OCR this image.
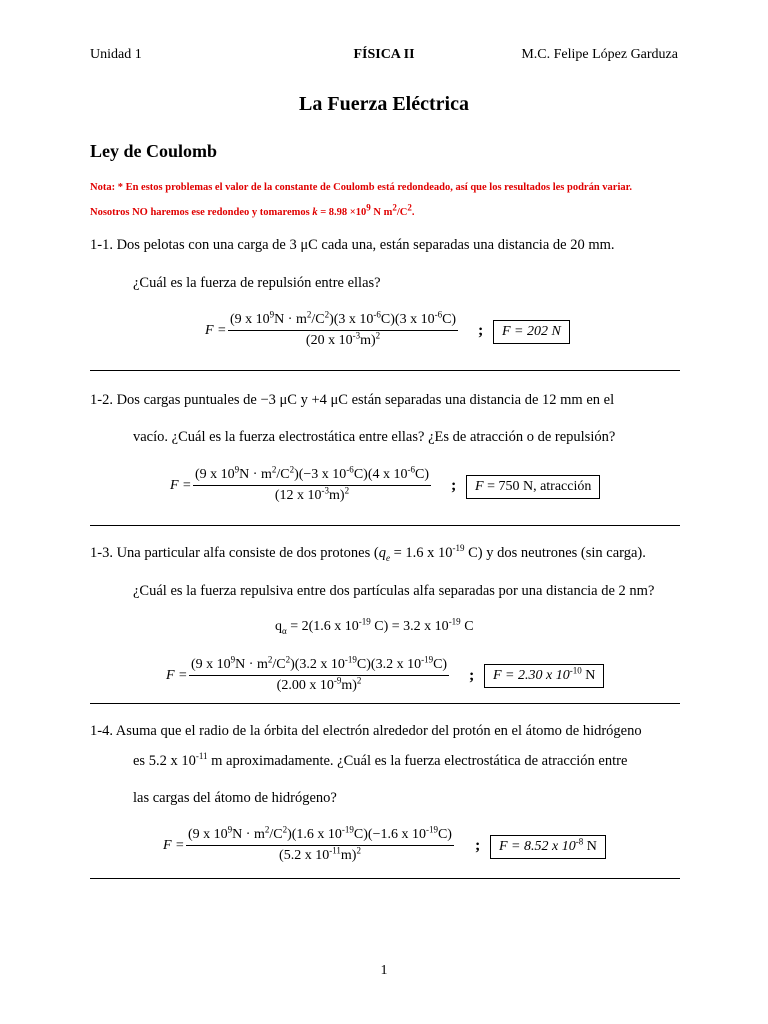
Unidad 1	FÍSICA II	M.C. Felipe López Garduza
La Fuerza Eléctrica
Ley de Coulomb
Nota: * En estos problemas el valor de la constante de Coulomb está redondeado, así que los resultados les podrán variar.
Nosotros NO haremos ese redondeo y tomaremos $k = 8.98 \times 10^9$ N $m^2/C^2$.
1-1. Dos pelotas con una carga de 3 μC cada una, están separadas una distancia de 20 mm.
¿Cuál es la fuerza de repulsión entre ellas?
$F = \frac{(9 x 10^9N \cdot m^2/C^2)(3 x 10^{-6}C)(3 x 10^{-6}C)}{(20 x 10^{-3}m)^2}$ ;	F = 202 N
1-2. Dos cargas puntuales de −3 μC y +4 μC están separadas una distancia de 12 mm en el
vacío. ¿Cuál es la fuerza electrostática entre ellas? ¿Es de atracción o de repulsión?
$F = \frac{(9 x 10^9N \cdot m^2/C^2)(-3 x 10^{-6}C)(4 x 10^{-6}C)}{(12 x 10^{-3}m)^2}$ ;	F = 750 N, atracción
1-3. Una particular alfa consiste de dos protones ($q_e = 1.6$ x $10^{-19}$ C) y dos neutrones (sin carga).
¿Cuál es la fuerza repulsiva entre dos partículas alfa separadas por una distancia de 2 nm?
$q_\alpha = 2(1.6$ x $10^{-19}$ C) = 3.2 x $10^{-19}$ C
$F = \frac{(9 x 10^9N \cdot m^2/C^2)(3.2 x 10^{-19}C)(3.2 x 10^{-19}C)}{(2.00 x 10^{-9}m)^2}$ ;	F = 2.30 x $10^{-10}$ N
1-4. Asuma que el radio de la órbita del electrón alrededor del protón en el átomo de hidrógeno
es 5.2 x $10^{-11}$ m aproximadamente. ¿Cuál es la fuerza electrostática de atracción entre
las cargas del átomo de hidrógeno?
$F = \frac{(9 x 10^9N \cdot m^2/C^2)(1.6 x 10^{-19}C)(-1.6 x 10^{-19}C)}{(5.2 x 10^{-11}m)^2}$ ;	F = 8.52 x $10^{-8}$ N
1
